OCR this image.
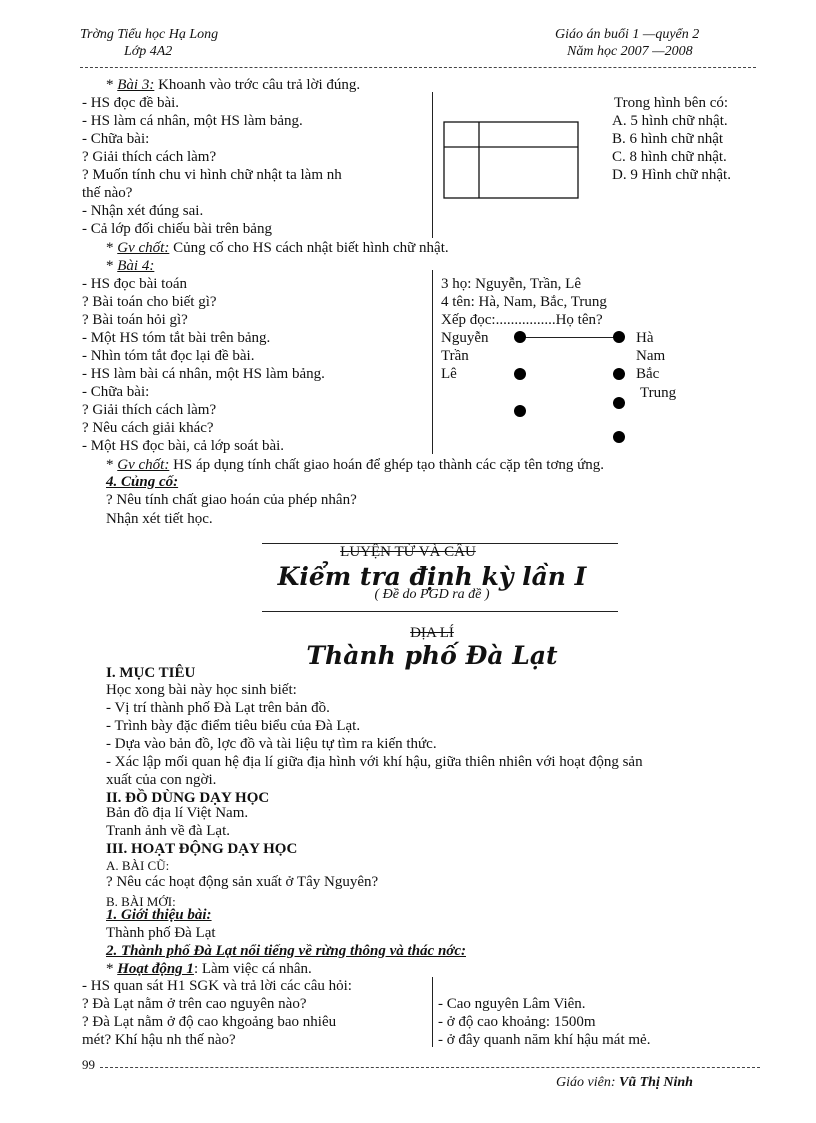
Trờng Tiểu học Hạ Long
Lớp 4A2
Giáo án buổi 1 —quyển 2
Năm học 2007 —2008
* Bài 3: Khoanh vào trớc câu trả lời đúng.
- HS đọc đề bài.
- HS làm cá nhân, một HS làm bảng.
- Chữa bài:
? Giải thích cách làm?
? Muốn tính chu vi hình chữ nhật ta làm nh
thế nào?
- Nhận xét đúng sai.
- Cả lớp đối chiếu bài trên bảng
Trong hình bên có:
A. 5 hình chữ nhật.
B. 6 hình chữ nhật
C. 8 hình chữ nhật.
D. 9 Hình chữ nhật.
* Gv chốt: Củng cố cho HS cách nhật biết hình chữ nhật.
* Bài 4:
- HS đọc bài toán
? Bài toán cho biết gì?
? Bài toán hỏi gì?
- Một HS tóm tắt bài trên bảng.
- Nhìn tóm tắt đọc lại đề bài.
- HS làm bài cá nhân, một HS làm bảng.
- Chữa bài:
? Giải thích cách làm?
? Nêu cách giải khác?
- Một HS đọc bài, cả lớp soát bài.
3 họ: Nguyễn, Trần, Lê
4 tên: Hà, Nam, Bắc, Trung
Xếp đọc:................Họ tên?
Nguyễn
Trần
Lê
Hà
Nam
Bắc
Trung
* Gv chốt: HS áp dụng tính chất giao hoán để ghép tạo thành các cặp tên tơng ứng.
4. Củng cố:
? Nêu tính chất giao hoán của phép nhân?
Nhận xét tiết học.
LUYỆN TỪ VÀ CÂU
Kiểm tra định kỳ lần I
( Đề do PGD ra đề )
ĐỊA LÍ
Thành phố Đà Lạt
I. MỤC TIÊU
Học xong bài này học sinh biết:
- Vị trí thành phố Đà Lạt trên bản đồ.
- Trình bày đặc điểm tiêu biểu của Đà Lạt.
- Dựa vào bản đồ, lợc đồ và tài liệu tự tìm ra kiến thức.
- Xác lập mối quan hệ địa lí giữa địa hình với khí hậu, giữa thiên nhiên với hoạt động sản
xuất của con ngời.
II. ĐỒ DÙNG DẠY HỌC
Bản đồ địa lí Việt Nam.
Tranh ảnh về đà Lạt.
III. HOẠT ĐỘNG DẠY HỌC
A. BÀI CŨ:
? Nêu các hoạt động sản xuất ở Tây Nguyên?
B. BÀI MỚI:
1. Giới thiệu bài:
Thành phố Đà Lạt
2. Thành phố Đà Lạt nổi tiếng về rừng thông và thác nớc:
* Hoạt động 1: Làm việc cá nhân.
- HS quan sát H1 SGK và trả lời các câu hỏi:
? Đà Lạt nằm ở trên cao nguyên nào?
? Đà Lạt nằm ở độ cao khgoảng bao nhiêu
mét? Khí hậu nh thế nào?
- Cao nguyên Lâm Viên.
- ở độ cao khoảng: 1500m
- ở đây quanh năm khí hậu mát mẻ.
99
Giáo viên: Vũ Thị Ninh
